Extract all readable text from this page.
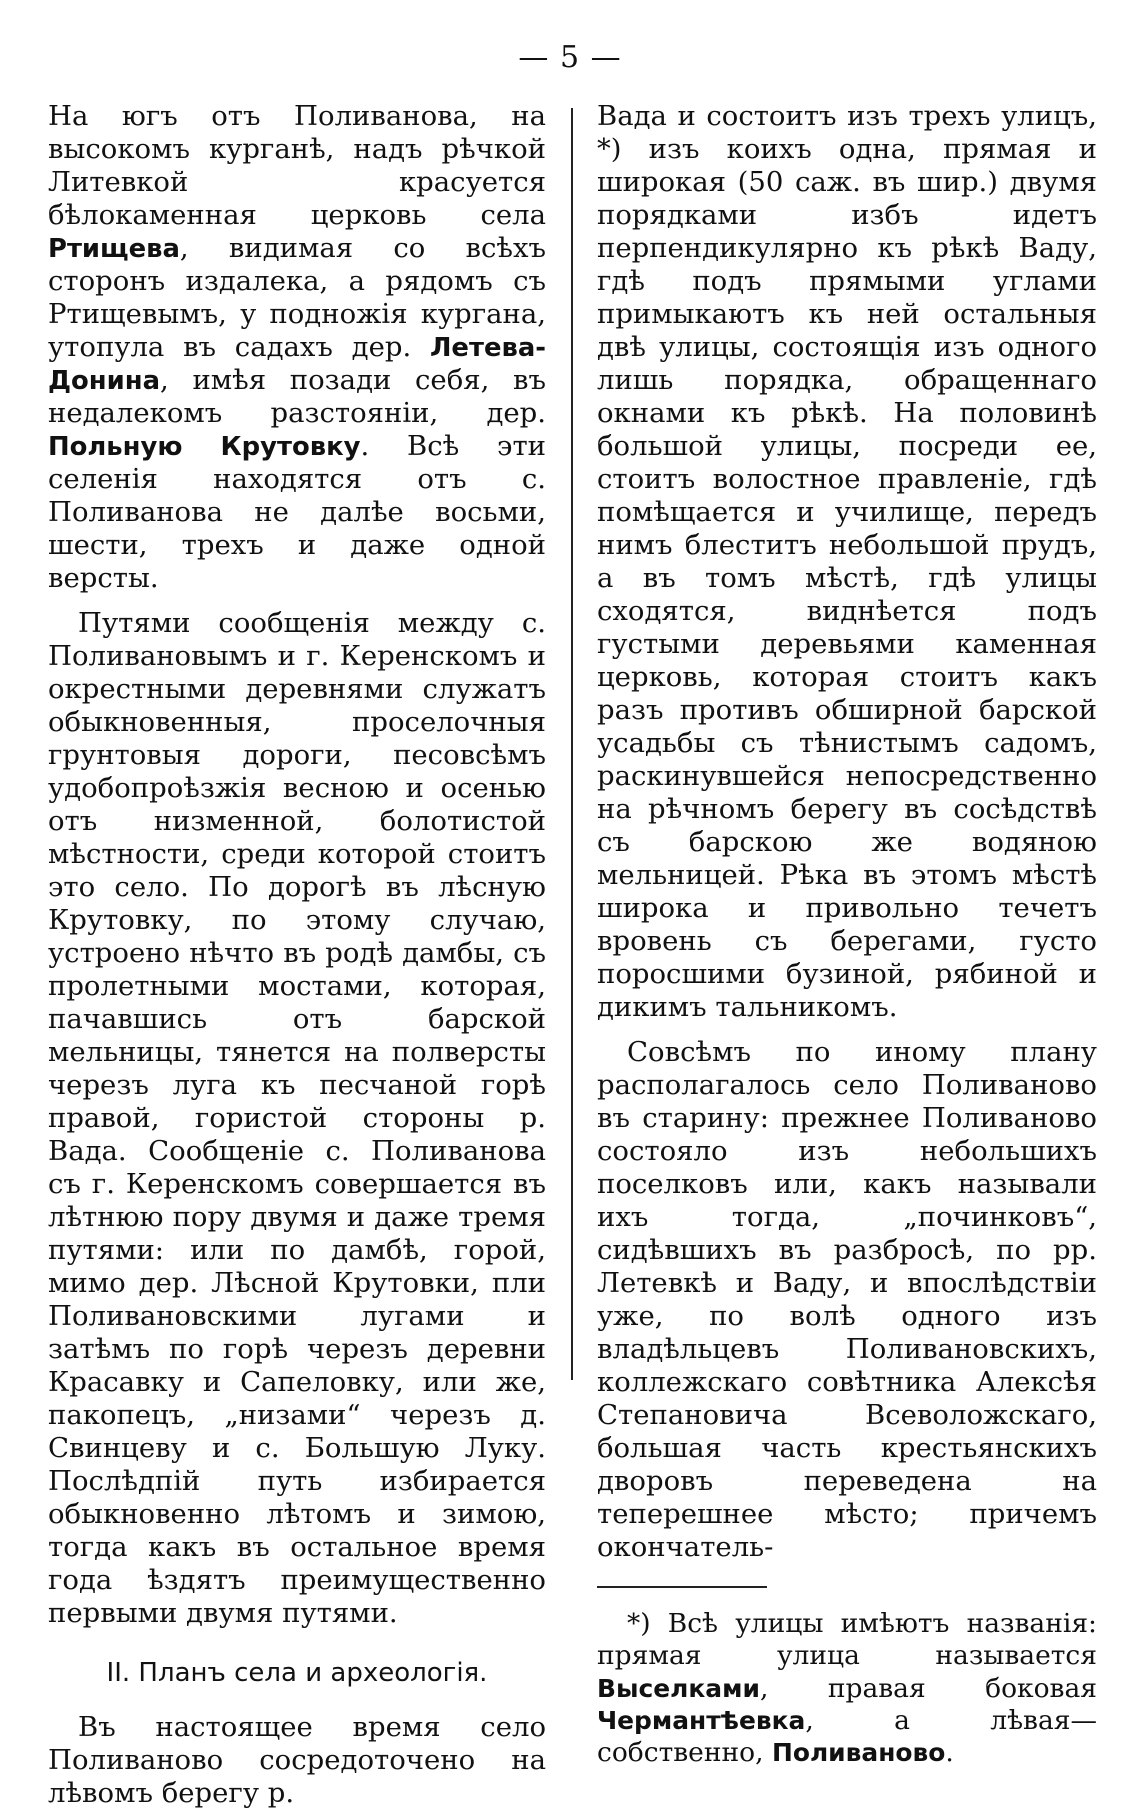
— 5 —

На югъ отъ Поливанова, на высокомъ курганѣ, надъ рѣчкой Литевкой красуется бѣлокаменная церковь села Ртищева, видимая со всѣхъ сторонъ издалека, а рядомъ съ Ртищевымъ, у подножія кургана, утопула въ садахъ дер. Летева-Донина, имѣя позади себя, въ недалекомъ разстояніи, дер. Польную Крутовку. Всѣ эти селенія находятся отъ с. Поливанова не далѣе восьми, шести, трехъ и даже одной версты.

Путями сообщенія между с. Поливановымъ и г. Керенскомъ и окрестными деревнями служатъ обыкновенныя, проселочныя грунтовыя дороги, песовсѣмъ удобопроѣзжія весною и осенью отъ низменной, болотистой мѣстности, среди которой стоитъ это село. По дорогѣ въ лѣсную Крутовку, по этому случаю, устроено нѣчто въ родѣ дамбы, съ пролетными мостами, которая, пачавшись отъ барской мельницы, тянется на полверсты черезъ луга къ песчаной горѣ правой, гористой стороны р. Вада. Сообщеніе с. Поливанова съ г. Керенскомъ совершается въ лѣтнюю пору двумя и даже тремя путями: или по дамбѣ, горой, мимо дер. Лѣсной Крутовки, пли Поливановскими лугами и затѣмъ по горѣ черезъ деревни Красавку и Сапеловку, или же, пакопецъ, „низами“ черезъ д. Свинцеву и с. Большую Луку. Послѣдпій путь избирается обыкновенно лѣтомъ и зимою, тогда какъ въ остальное время года ѣздятъ преимущественно первыми двумя путями.

II. Планъ села и археологія.

Въ настоящее время село Поливаново сосредоточено на лѣвомъ берегу р.

Вада и состоитъ изъ трехъ улицъ, *) изъ коихъ одна, прямая и широкая (50 саж. въ шир.) двумя порядками избъ идетъ перпендикулярно къ рѣкѣ Ваду, гдѣ подъ прямыми углами примыкаютъ къ ней остальныя двѣ улицы, состоящія изъ одного лишь порядка, обращеннаго окнами къ рѣкѣ. На половинѣ большой улицы, посреди ее, стоитъ волостное правленіе, гдѣ помѣщается и училище, передъ нимъ блеститъ небольшой прудъ, а въ томъ мѣстѣ, гдѣ улицы сходятся, виднѣется подъ густыми деревьями каменная церковь, которая стоитъ какъ разъ противъ обширной барской усадьбы съ тѣнистымъ садомъ, раскинувшейся непосредственно на рѣчномъ берегу въ сосѣдствѣ съ барскою же водяною мельницей. Рѣка въ этомъ мѣстѣ широка и привольно течетъ вровень съ берегами, густо поросшими бузиной, рябиной и дикимъ тальникомъ.

Совсѣмъ по иному плану располагалось село Поливаново въ старину: прежнее Поливаново состояло изъ небольшихъ поселковъ или, какъ называли ихъ тогда, „починковъ“, сидѣвшихъ въ разбросѣ, по рр. Летевкѣ и Ваду, и впослѣдствіи уже, по волѣ одного изъ владѣльцевъ Поливановскихъ, коллежскаго совѣтника Алексѣя Степановича Всеволожскаго, большая часть крестьянскихъ дворовъ переведена на теперешнее мѣсто; причемъ окончатель-

*) Всѣ улицы имѣютъ названія: прямая улица называется Выселками, правая боковая Чермантѣевка, а лѣвая—собственно, Поливаново.
